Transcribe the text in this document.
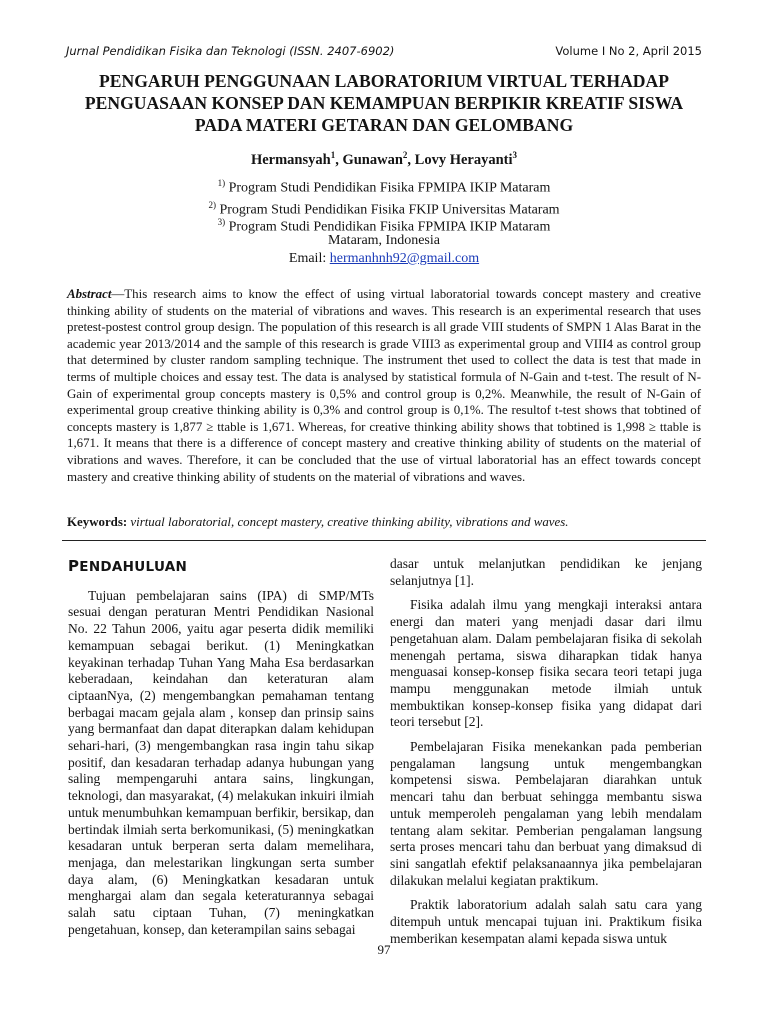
Jurnal Pendidikan Fisika dan Teknologi (ISSN. 2407-6902)	Volume I No 2, April 2015
PENGARUH PENGGUNAAN LABORATORIUM VIRTUAL TERHADAP PENGUASAAN KONSEP DAN KEMAMPUAN BERPIKIR KREATIF SISWA PADA MATERI GETARAN DAN GELOMBANG
Hermansyah$^1$, Gunawan$^2$, Lovy Herayanti$^3$
$^{1)}$ Program Studi Pendidikan Fisika FPMIPA IKIP Mataram
$^{2)}$ Program Studi Pendidikan Fisika FKIP Universitas Mataram
$^{3)}$ Program Studi Pendidikan Fisika FPMIPA IKIP Mataram
Mataram, Indonesia
Email: hermanhnh92@gmail.com
Abstract—This research aims to know the effect of using virtual laboratorial towards concept mastery and creative thinking ability of students on the material of vibrations and waves. This research is an experimental research that uses pretest-postest control group design. The population of this research is all grade VIII students of SMPN 1 Alas Barat in the academic year 2013/2014 and the sample of this research is grade VIII3 as experimental group and VIII4 as control group that determined by cluster random sampling technique. The instrument thet used to collect the data is test that made in terms of multiple choices and essay test. The data is analysed by statistical formula of N-Gain and t-test. The result of N-Gain of experimental group concepts mastery is 0,5% and control group is 0,2%. Meanwhile, the result of N-Gain of experimental group creative thinking ability is 0,3% and control group is 0,1%. The resultof t-test shows that tobtined of concepts mastery is 1,877 ≥ ttable is 1,671. Whereas, for creative thinking ability shows that tobtined is 1,998 ≥ ttable is 1,671. It means that there is a difference of concept mastery and creative thinking ability of students on the material of vibrations and waves. Therefore, it can be concluded that the use of virtual laboratorial has an effect towards concept mastery and creative thinking ability of students on the material of vibrations and waves.
Keywords: virtual laboratorial, concept mastery, creative thinking ability, vibrations and waves.
PENDAHULUAN

Tujuan pembelajaran sains (IPA) di SMP/MTs sesuai dengan peraturan Mentri Pendidikan Nasional No. 22 Tahun 2006, yaitu agar peserta didik memiliki kemampuan sebagai berikut. (1) Meningkatkan keyakinan terhadap Tuhan Yang Maha Esa berdasarkan keberadaan, keindahan dan keteraturan alam ciptaanNya, (2) mengembangkan pemahaman tentang berbagai macam gejala alam , konsep dan prinsip sains yang bermanfaat dan dapat diterapkan dalam kehidupan sehari-hari, (3) mengembangkan rasa ingin tahu sikap positif, dan kesadaran terhadap adanya hubungan yang saling mempengaruhi antara sains, lingkungan, teknologi, dan masyarakat, (4) melakukan inkuiri ilmiah untuk menumbuhkan kemampuan berfikir, bersikap, dan bertindak ilmiah serta berkomunikasi, (5) meningkatkan kesadaran untuk berperan serta dalam memelihara, menjaga, dan melestarikan lingkungan serta sumber daya alam, (6) Meningkatkan kesadaran untuk menghargai alam dan segala keteraturannya sebagai salah satu ciptaan Tuhan, (7) meningkatkan pengetahuan, konsep, dan keterampilan sains sebagai

dasar untuk melanjutkan pendidikan ke jenjang selanjutnya [1].

Fisika adalah ilmu yang mengkaji interaksi antara energi dan materi yang menjadi dasar dari ilmu pengetahuan alam. Dalam pembelajaran fisika di sekolah menengah pertama, siswa diharapkan tidak hanya menguasai konsep-konsep fisika secara teori tetapi juga mampu menggunakan metode ilmiah untuk membuktikan konsep-konsep fisika yang didapat dari teori tersebut [2].

Pembelajaran Fisika menekankan pada pemberian pengalaman langsung untuk mengembangkan kompetensi siswa. Pembelajaran diarahkan untuk mencari tahu dan berbuat sehingga membantu siswa untuk memperoleh pengalaman yang lebih mendalam tentang alam sekitar. Pemberian pengalaman langsung serta proses mencari tahu dan berbuat yang dimaksud di sini sangatlah efektif pelaksanaannya jika pembelajaran dilakukan melalui kegiatan praktikum.

Praktik laboratorium adalah salah satu cara yang ditempuh untuk mencapai tujuan ini. Praktikum fisika memberikan kesempatan alami kepada siswa untuk

97
